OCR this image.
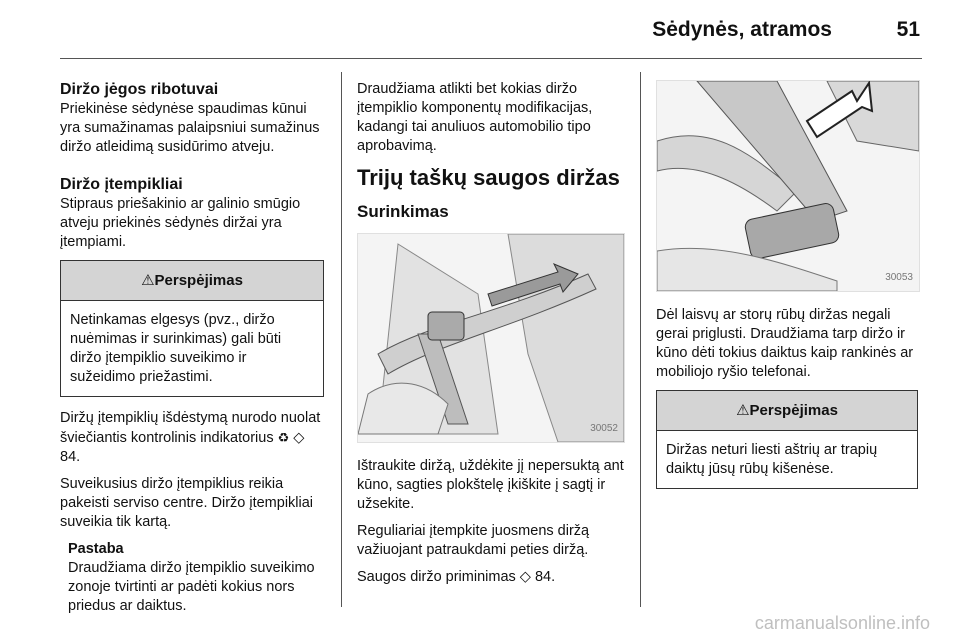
Sėdynės, atramos	51
Diržo jėgos ribotuvai

Priekinėse sėdynėse spaudimas kūnui yra sumažinamas palaipsniui sumažinus diržo atleidimą susidūrimo atveju.

Diržo įtempikliai

Stipraus priešakinio ar galinio smūgio atveju priekinės sėdynės diržai yra įtempiami.

⚠Perspėjimas
Netinkamas elgesys (pvz., diržo nuėmimas ir surinkimas) gali būti diržo įtempiklio suveikimo ir sužeidimo priežastimi.

Diržų įtempiklių išdėstymą nurodo nuolat šviečiantis kontrolinis indikatorius ♻ ◇ 84.

Suveikusius diržo įtempiklius reikia pakeisti serviso centre. Diržo įtempikliai suveikia tik kartą.

Pastaba
Draudžiama diržo įtempiklio suveikimo zonoje tvirtinti ar padėti kokius nors priedus ar daiktus.

Draudžiama atlikti bet kokias diržo įtempiklio komponentų modifikacijas, kadangi tai anuliuos automobilio tipo aprobavimą.

Trijų taškų saugos diržas
Surinkimas
30052

Ištraukite diržą, uždėkite jį nepersuktą ant kūno, sagties plokštelę įkiškite į sagtį ir užsekite.

Reguliariai įtempkite juosmens diržą važiuojant patraukdami peties diržą.

Saugos diržo priminimas ◇ 84.

30053

Dėl laisvų ar storų rūbų diržas negali gerai priglusti. Draudžiama tarp diržo ir kūno dėti tokius daiktus kaip rankinės ar mobiliojo ryšio telefonai.

⚠Perspėjimas
Diržas neturi liesti aštrių ar trapių daiktų jūsų rūbų kišenėse.
carmanualsonline.info
